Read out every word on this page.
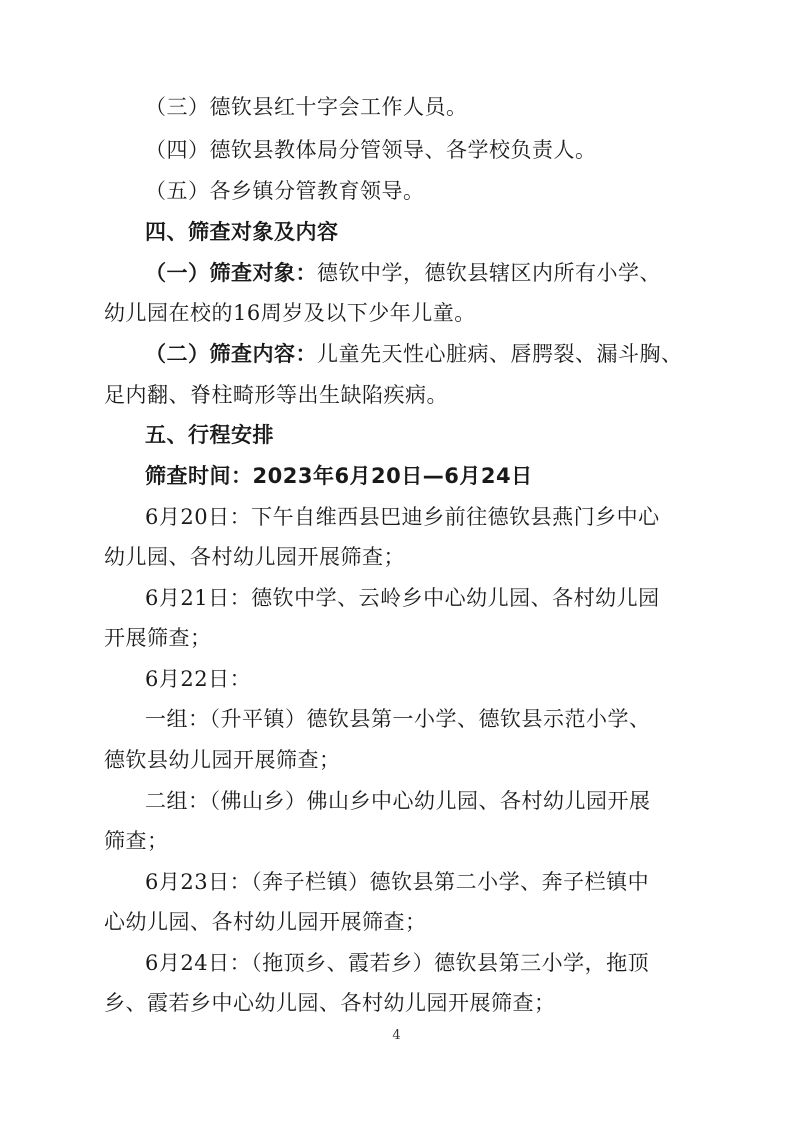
（三）德钦县红十字会工作人员。
（四）德钦县教体局分管领导、各学校负责人。
（五）各乡镇分管教育领导。
四、筛查对象及内容
（一）筛查对象：德钦中学，德钦县辖区内所有小学、
幼儿园在校的16周岁及以下少年儿童。
（二）筛查内容：儿童先天性心脏病、唇腭裂、漏斗胸、
足内翻、脊柱畸形等出生缺陷疾病。
五、行程安排
筛查时间：2023年6月20日—6月24日
6月20日：下午自维西县巴迪乡前往德钦县燕门乡中心
幼儿园、各村幼儿园开展筛查；
6月21日：德钦中学、云岭乡中心幼儿园、各村幼儿园
开展筛查；
6月22日：
一组：（升平镇）德钦县第一小学、德钦县示范小学、
德钦县幼儿园开展筛查；
二组：（佛山乡）佛山乡中心幼儿园、各村幼儿园开展
筛查；
6月23日：（奔子栏镇）德钦县第二小学、奔子栏镇中
心幼儿园、各村幼儿园开展筛查；
6月24日：（拖顶乡、霞若乡）德钦县第三小学，拖顶
乡、霞若乡中心幼儿园、各村幼儿园开展筛查；
4
